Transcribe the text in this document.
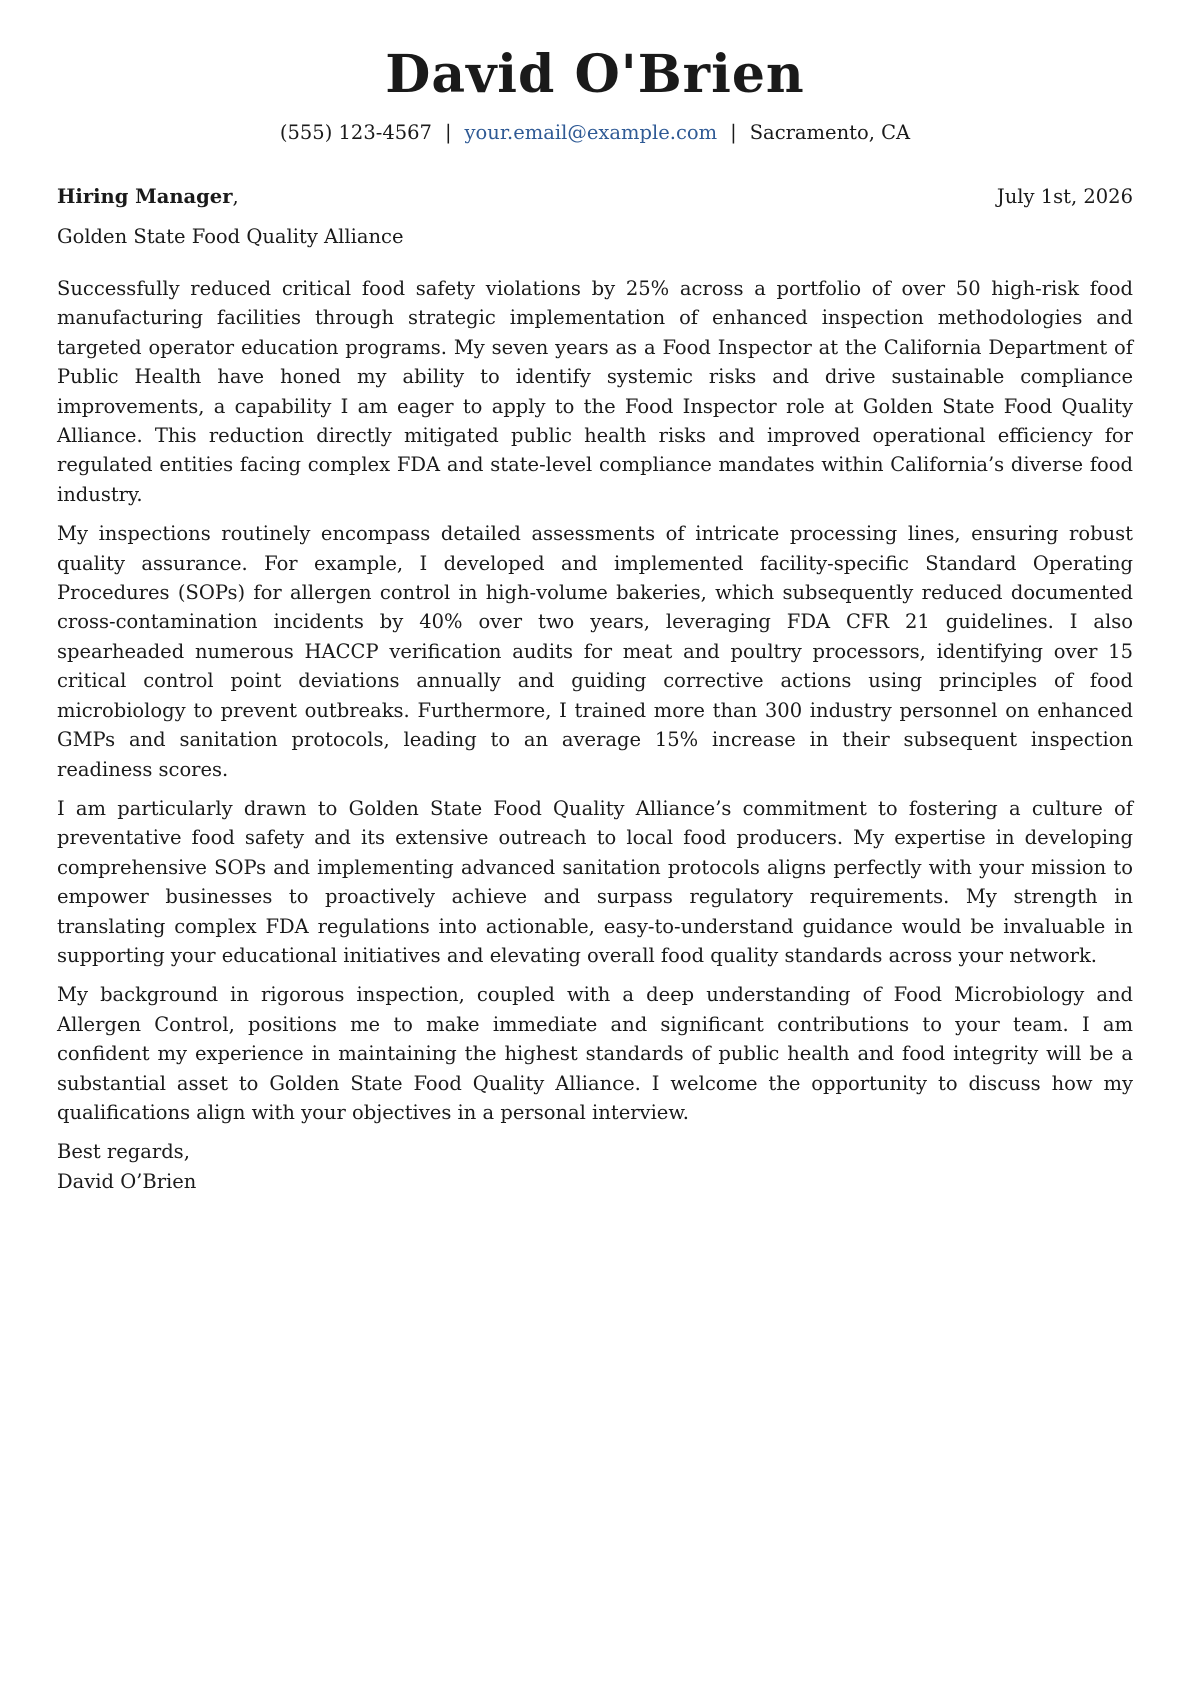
David O'Brien
(555) 123-4567 | your.email@example.com | Sacramento, CA
Hiring Manager,	July 1st, 2026
Golden State Food Quality Alliance

Successfully reduced critical food safety violations by 25% across a portfolio of over 50 high-risk food manufacturing facilities through strategic implementation of enhanced inspection methodologies and targeted operator education programs. My seven years as a Food Inspector at the California Department of Public Health have honed my ability to identify systemic risks and drive sustainable compliance improvements, a capability I am eager to apply to the Food Inspector role at Golden State Food Quality Alliance. This reduction directly mitigated public health risks and improved operational efficiency for regulated entities facing complex FDA and state-level compliance mandates within California’s diverse food industry.

My inspections routinely encompass detailed assessments of intricate processing lines, ensuring robust quality assurance. For example, I developed and implemented facility-specific Standard Operating Procedures (SOPs) for allergen control in high-volume bakeries, which subsequently reduced documented cross-contamination incidents by 40% over two years, leveraging FDA CFR 21 guidelines. I also spearheaded numerous HACCP verification audits for meat and poultry processors, identifying over 15 critical control point deviations annually and guiding corrective actions using principles of food microbiology to prevent outbreaks. Furthermore, I trained more than 300 industry personnel on enhanced GMPs and sanitation protocols, leading to an average 15% increase in their subsequent inspection readiness scores.

I am particularly drawn to Golden State Food Quality Alliance’s commitment to fostering a culture of preventative food safety and its extensive outreach to local food producers. My expertise in developing comprehensive SOPs and implementing advanced sanitation protocols aligns perfectly with your mission to empower businesses to proactively achieve and surpass regulatory requirements. My strength in translating complex FDA regulations into actionable, easy-to-understand guidance would be invaluable in supporting your educational initiatives and elevating overall food quality standards across your network.

My background in rigorous inspection, coupled with a deep understanding of Food Microbiology and Allergen Control, positions me to make immediate and significant contributions to your team. I am confident my experience in maintaining the highest standards of public health and food integrity will be a substantial asset to Golden State Food Quality Alliance. I welcome the opportunity to discuss how my qualifications align with your objectives in a personal interview.

Best regards,
David O’Brien
